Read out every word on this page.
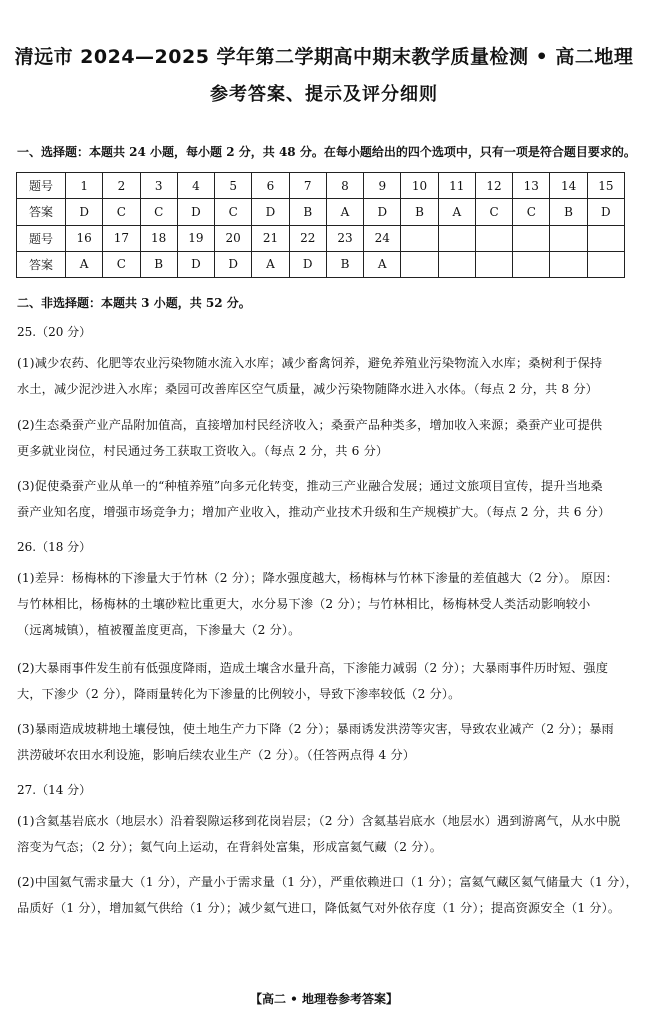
清远市 2024—2025 学年第二学期高中期末教学质量检测 • 高二地理
参考答案、提示及评分细则
一、选择题：本题共 24 小题，每小题 2 分，共 48 分。在每小题给出的四个选项中，只有一项是符合题目要求的。
题号	1	2	3	4	5	6	7	8	9	10	11	12	13	14	15
答案	D	C	C	D	C	D	B	A	D	B	A	C	C	B	D
题号	16	17	18	19	20	21	22	23	24						
答案	A	C	B	D	D	A	D	B	A						
二、非选择题：本题共 3 小题，共 52 分。
25.（20 分）
(1)减少农药、化肥等农业污染物随水流入水库；减少畜禽饲养，避免养殖业污染物流入水库；桑树利于保持
水土，减少泥沙进入水库；桑园可改善库区空气质量，减少污染物随降水进入水体。（每点 2 分，共 8 分）
(2)生态桑蚕产业产品附加值高，直接增加村民经济收入；桑蚕产品种类多，增加收入来源；桑蚕产业可提供
更多就业岗位，村民通过务工获取工资收入。（每点 2 分，共 6 分）
(3)促使桑蚕产业从单一的“种植养殖”向多元化转变，推动三产业融合发展；通过文旅项目宣传，提升当地桑
蚕产业知名度，增强市场竞争力；增加产业收入，推动产业技术升级和生产规模扩大。（每点 2 分，共 6 分）
26.（18 分）
(1)差异：杨梅林的下渗量大于竹林（2 分）；降水强度越大，杨梅林与竹林下渗量的差值越大（2 分）。 原因：
与竹林相比，杨梅林的土壤砂粒比重更大，水分易下渗（2 分）；与竹林相比，杨梅林受人类活动影响较小
（远离城镇），植被覆盖度更高，下渗量大（2 分）。
(2)大暴雨事件发生前有低强度降雨，造成土壤含水量升高，下渗能力减弱（2 分）；大暴雨事件历时短、强度
大，下渗少（2 分），降雨量转化为下渗量的比例较小，导致下渗率较低（2 分）。
(3)暴雨造成坡耕地土壤侵蚀，使土地生产力下降（2 分）；暴雨诱发洪涝等灾害，导致农业减产（2 分）；暴雨
洪涝破坏农田水利设施，影响后续农业生产（2 分）。（任答两点得 4 分）
27.（14 分）
(1)含氦基岩底水（地层水）沿着裂隙运移到花岗岩层；（2 分）含氦基岩底水（地层水）遇到游离气，从水中脱
溶变为气态；（2 分）；氦气向上运动，在背斜处富集，形成富氦气藏（2 分）。
(2)中国氦气需求量大（1 分），产量小于需求量（1 分），严重依赖进口（1 分）；富氦气藏区氦气储量大（1 分），
品质好（1 分），增加氦气供给（1 分）；减少氦气进口，降低氦气对外依存度（1 分）；提高资源安全（1 分）。
【高二 • 地理卷参考答案】
